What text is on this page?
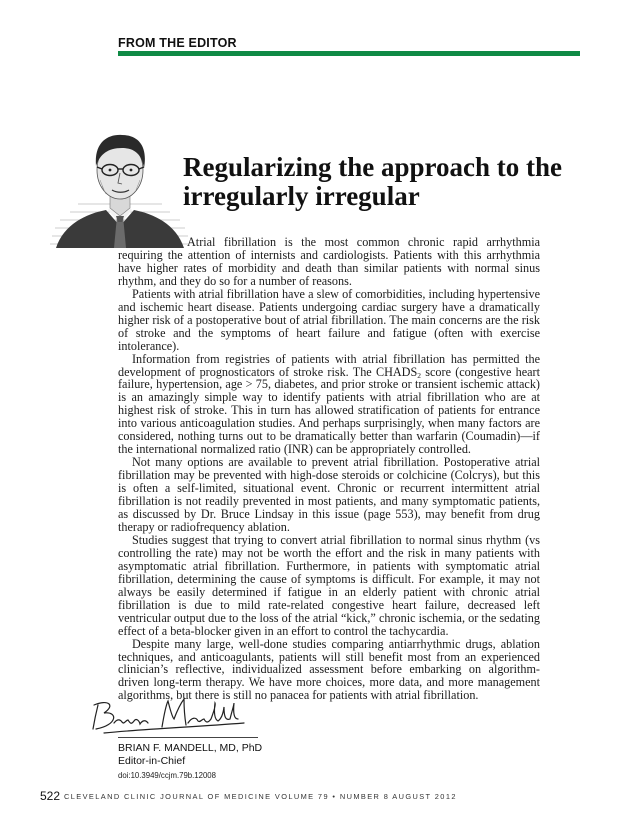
FROM THE EDITOR
Regularizing the approach to the irregularly irregular

Atrial fibrillation is the most common chronic rapid arrhythmia requiring the attention of internists and cardiologists. Patients with this arrhythmia have higher rates of morbidity and death than similar patients with normal sinus rhythm, and they do so for a number of reasons.

Patients with atrial fibrillation have a slew of comorbidities, including hypertensive and ischemic heart disease. Patients undergoing cardiac surgery have a dramatically higher risk of a postoperative bout of atrial fibrillation. The main concerns are the risk of stroke and the symptoms of heart failure and fatigue (often with exercise intolerance).

Information from registries of patients with atrial fibrillation has permitted the development of prognosticators of stroke risk. The $CHADS_2$ score (congestive heart failure, hypertension, age > 75, diabetes, and prior stroke or transient ischemic attack) is an amazingly simple way to identify patients with atrial fibrillation who are at highest risk of stroke. This in turn has allowed stratification of patients for entrance into various anticoagulation studies. And perhaps surprisingly, when many factors are considered, nothing turns out to be dramatically better than warfarin (Coumadin)—if the international normalized ratio (INR) can be appropriately controlled.

Not many options are available to prevent atrial fibrillation. Postoperative atrial fibrillation may be prevented with high-dose steroids or colchicine (Colcrys), but this is often a self-limited, situational event. Chronic or recurrent intermittent atrial fibrillation is not readily prevented in most patients, and many symptomatic patients, as discussed by Dr. Bruce Lindsay in this issue (page 553), may benefit from drug therapy or radiofrequency ablation.

Studies suggest that trying to convert atrial fibrillation to normal sinus rhythm (vs controlling the rate) may not be worth the effort and the risk in many patients with asymptomatic atrial fibrillation. Furthermore, in patients with symptomatic atrial fibrillation, determining the cause of symptoms is difficult. For example, it may not always be easily determined if fatigue in an elderly patient with chronic atrial fibrillation is due to mild rate-related congestive heart failure, decreased left ventricular output due to the loss of the atrial “kick,” chronic ischemia, or the sedating effect of a beta-blocker given in an effort to control the tachycardia.

Despite many large, well-done studies comparing antiarrhythmic drugs, ablation techniques, and anticoagulants, patients will still benefit most from an experienced clinician’s reflective, individualized assessment before embarking on algorithm-driven long-term therapy. We have more choices, more data, and more management algorithms, but there is still no panacea for patients with atrial fibrillation.

BRIAN F. MANDELL, MD, PhD
Editor-in-Chief
doi:10.3949/ccjm.79b.12008
522 CLEVELAND CLINIC JOURNAL OF MEDICINE VOLUME 79 • NUMBER 8 AUGUST 2012
